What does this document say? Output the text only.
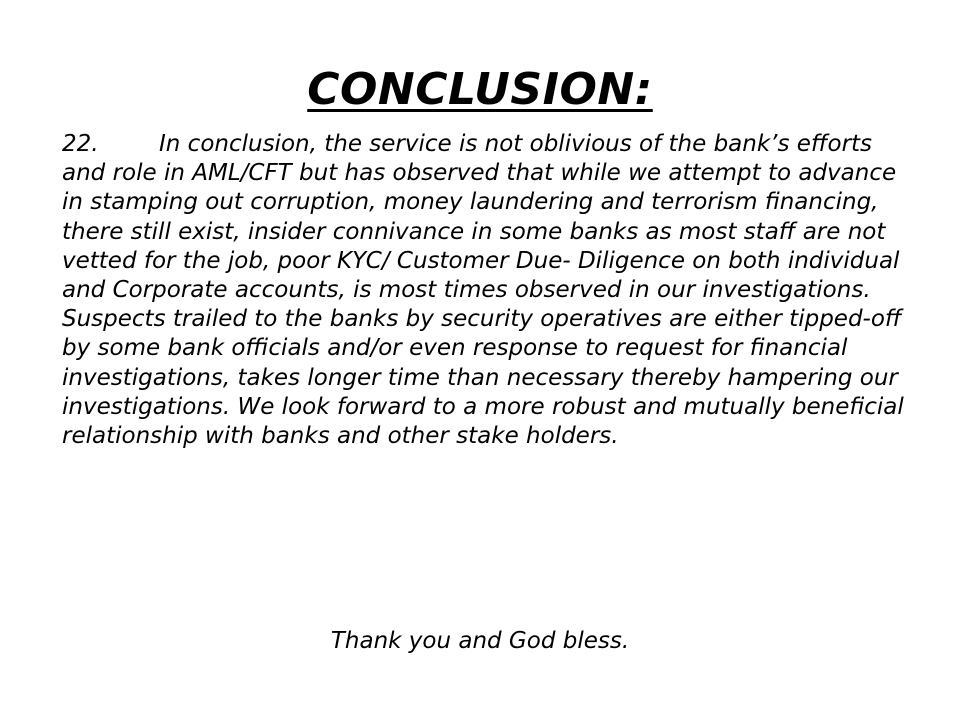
CONCLUSION:

22.	In conclusion, the service is not oblivious of the bank’s efforts and role in AML/CFT but has observed that while we attempt to advance in stamping out corruption, money laundering and terrorism financing, there still exist, insider connivance in some banks as most staff are not vetted for the job, poor KYC/ Customer Due- Diligence on both individual and Corporate accounts, is most times observed in our investigations. Suspects trailed to the banks by security operatives are either tipped-off by some bank officials and/or even response to request for financial investigations, takes longer time than necessary thereby hampering our investigations. We look forward to a more robust and mutually beneficial relationship with banks and other stake holders.

Thank you and God bless.
